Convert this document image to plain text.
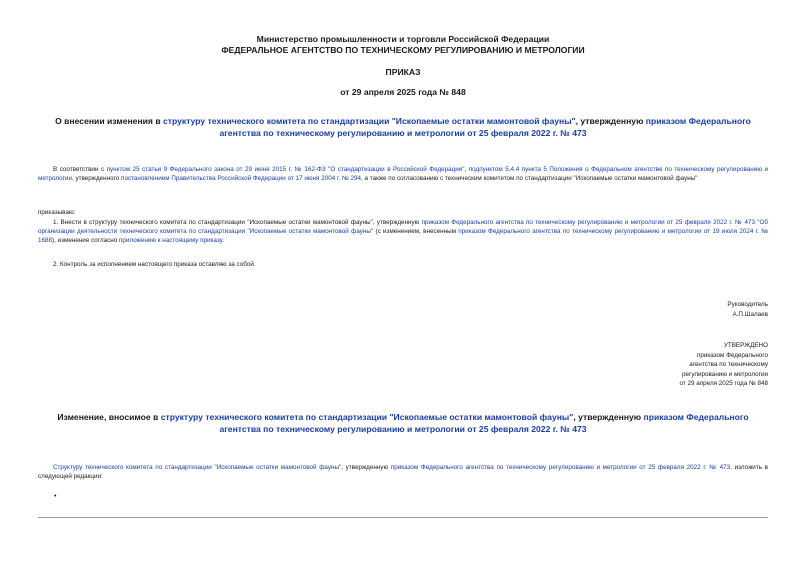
Министерство промышленности и торговли Российской Федерации
ФЕДЕРАЛЬНОЕ АГЕНТСТВО ПО ТЕХНИЧЕСКОМУ РЕГУЛИРОВАНИЮ И МЕТРОЛОГИИ
ПРИКАЗ
от 29 апреля 2025 года № 848
О внесении изменения в структуру технического комитета по стандартизации "Ископаемые остатки мамонтовой фауны", утвержденную приказом Федерального агентства по техническому регулированию и метрологии от 25 февраля 2022 г. № 473
В соответствии с пунктом 25 статьи 9 Федерального закона от 29 июня 2015 г. № 162-ФЗ "О стандартизации в Российской Федерации", подпунктом 5.4.4 пункта 5 Положения о Федеральном агентстве по техническому регулированию и метрологии, утвержденного постановлением Правительства Российской Федерации от 17 июня 2004 г. № 294, а также по согласованию с техническим комитетом по стандартизации "Ископаемые остатки мамонтовой фауны"
приказываю:
1. Внести в структуру технического комитета по стандартизации "Ископаемые остатки мамонтовой фауны", утвержденную приказом Федерального агентства по техническому регулированию и метрологии от 25 февраля 2022 г. № 473 "Об организации деятельности технического комитета по стандартизации "Ископаемые остатки мамонтовой фауны" (с изменением, внесенным приказом Федерального агентства по техническому регулированию и метрологии от 19 июля 2024 г. № 1688), изменение согласно приложению к настоящему приказу.
2. Контроль за исполнением настоящего приказа оставляю за собой.
Руководитель
А.П.Шалаев
УТВЕРЖДЕНО
приказом Федерального
агентства по техническому
регулированию и метрологии
от 29 апреля 2025 года № 848
Изменение, вносимое в структуру технического комитета по стандартизации "Ископаемые остатки мамонтовой фауны", утвержденную приказом Федерального агентства по техническому регулированию и метрологии от 25 февраля 2022 г. № 473
Структуру технического комитета по стандартизации "Ископаемые остатки мамонтовой фауны", утвержденную приказом Федерального агентства по техническому регулированию и метрологии от 25 февраля 2022 г. № 473, изложить в следующей редакции:
•
